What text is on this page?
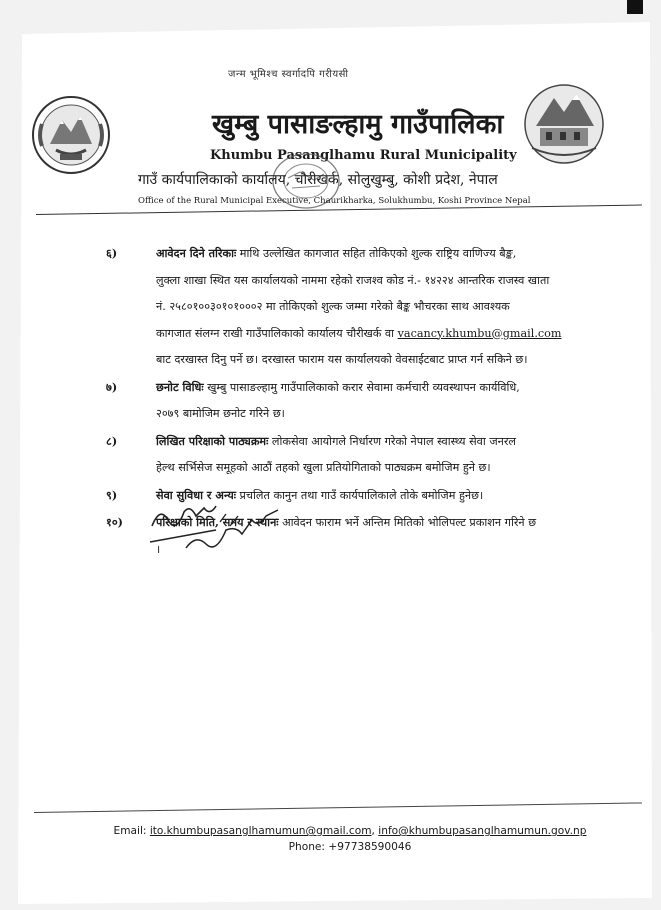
जन्म भूमिश्च स्वर्गादपि गरीयसी
खुम्बु पासाङल्हामु गाउँपालिका
Khumbu Pasanglhamu Rural Municipality
गाउँ कार्यपालिकाको कार्यालय, चौरीखर्क, सोलुखुम्बु, कोशी प्रदेश, नेपाल
Office of the Rural Municipal Executive, Chaurikharka, Solukhumbu, Koshi Province Nepal
६)	आवेदन दिने तरिकाः माथि उल्लेखित कागजात सहित तोकिएको शुल्क राष्ट्रिय वाणिज्य बैङ्क,
लुक्ला शाखा स्थित यस कार्यालयको नाममा रहेको राजश्व कोड नं.- १४२२४ आन्तरिक राजस्व खाता
नं. २५८०१००३०१०१०००२ मा तोकिएको शुल्क जम्मा गरेको बैङ्क भौचरका साथ आवश्यक
कागजात संलग्न राखी गाउँपालिकाको कार्यालय चौरीखर्क वा vacancy.khumbu@gmail.com
बाट दरखास्त दिनु पर्ने छ। दरखास्त फाराम यस कार्यालयको वेवसाईटबाट प्राप्त गर्न सकिने छ।
७)	छनोट विधिः खुम्बु पासाङल्हामु गाउँपालिकाको करार सेवामा कर्मचारी व्यवस्थापन कार्यविधि,
२०७९ बामोजिम छनोट गरिने छ।
८)	लिखित परिक्षाको पाठ्यक्रमः लोकसेवा आयोगले निर्धारण गरेको नेपाल स्वास्थ्य सेवा जनरल
हेल्थ सर्भिसेज समूहको आठौं तहको खुला प्रतियोगिताको पाठ्यक्रम बमोजिम हुने छ।
९)	सेवा सुविधा र अन्यः प्रचलित कानुन तथा गाउँ कार्यपालिकाले तोके बमोजिम हुनेछ।
१०)	परिक्षाको मिति, समय र स्थानः आवेदन फाराम भर्ने अन्तिम मितिको भोलिपल्ट प्रकाशन गरिने छ
।
Email: ito.khumbupasanglhamumun@gmail.com, info@khumbupasanglhamumun.gov.np
Phone: +97738590046
